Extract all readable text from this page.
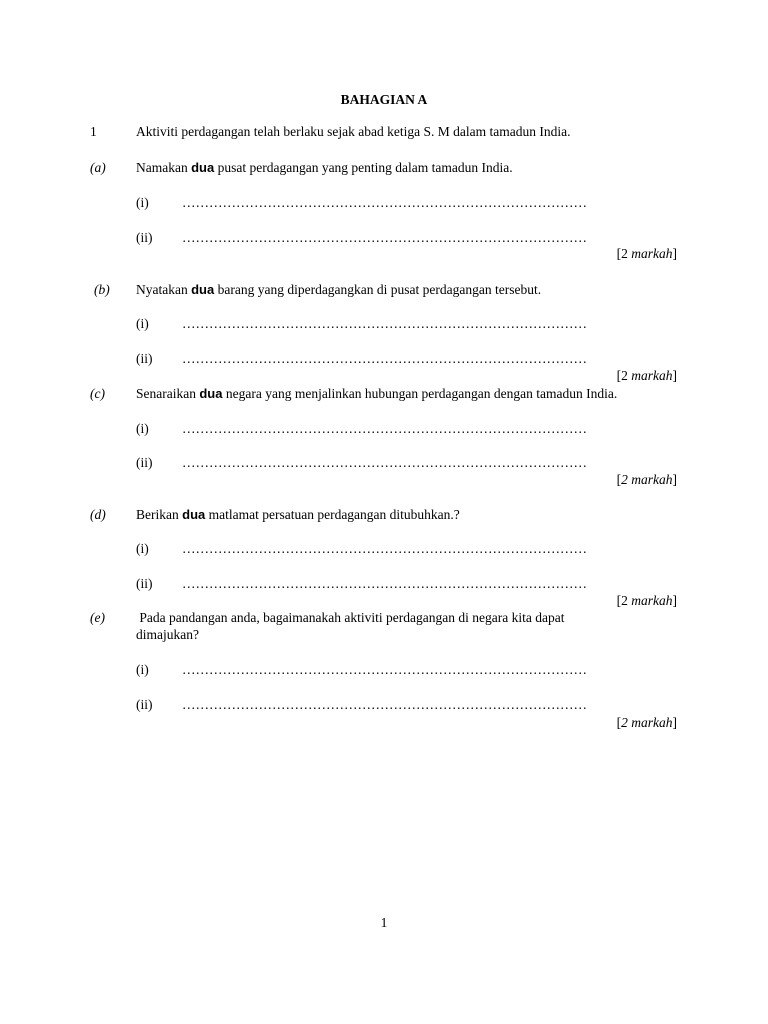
BAHAGIAN A
1	Aktiviti perdagangan telah berlaku sejak abad ketiga S. M dalam tamadun India.
(a) Namakan dua pusat perdagangan yang penting dalam tamadun India.
(i) ………………………………………………………………………………
(ii) ………………………………………………………………………………
[2 markah]
(b) Nyatakan dua barang yang diperdagangkan di pusat perdagangan tersebut.
(i) ………………………………………………………………………………
(ii) ………………………………………………………………………………
[2 markah]
(c) Senaraikan dua negara yang menjalinkan hubungan perdagangan dengan tamadun India.
(i) ………………………………………………………………………………
(ii) ………………………………………………………………………………
[2 markah]
(d) Berikan dua matlamat persatuan perdagangan ditubuhkan.?
(i) ………………………………………………………………………………
(ii) ………………………………………………………………………………
[2 markah]
(e) Pada pandangan anda, bagaimanakah aktiviti perdagangan di negara kita dapat
dimajukan?
(i) ………………………………………………………………………………
(ii) ………………………………………………………………………………
[2 markah]
1
